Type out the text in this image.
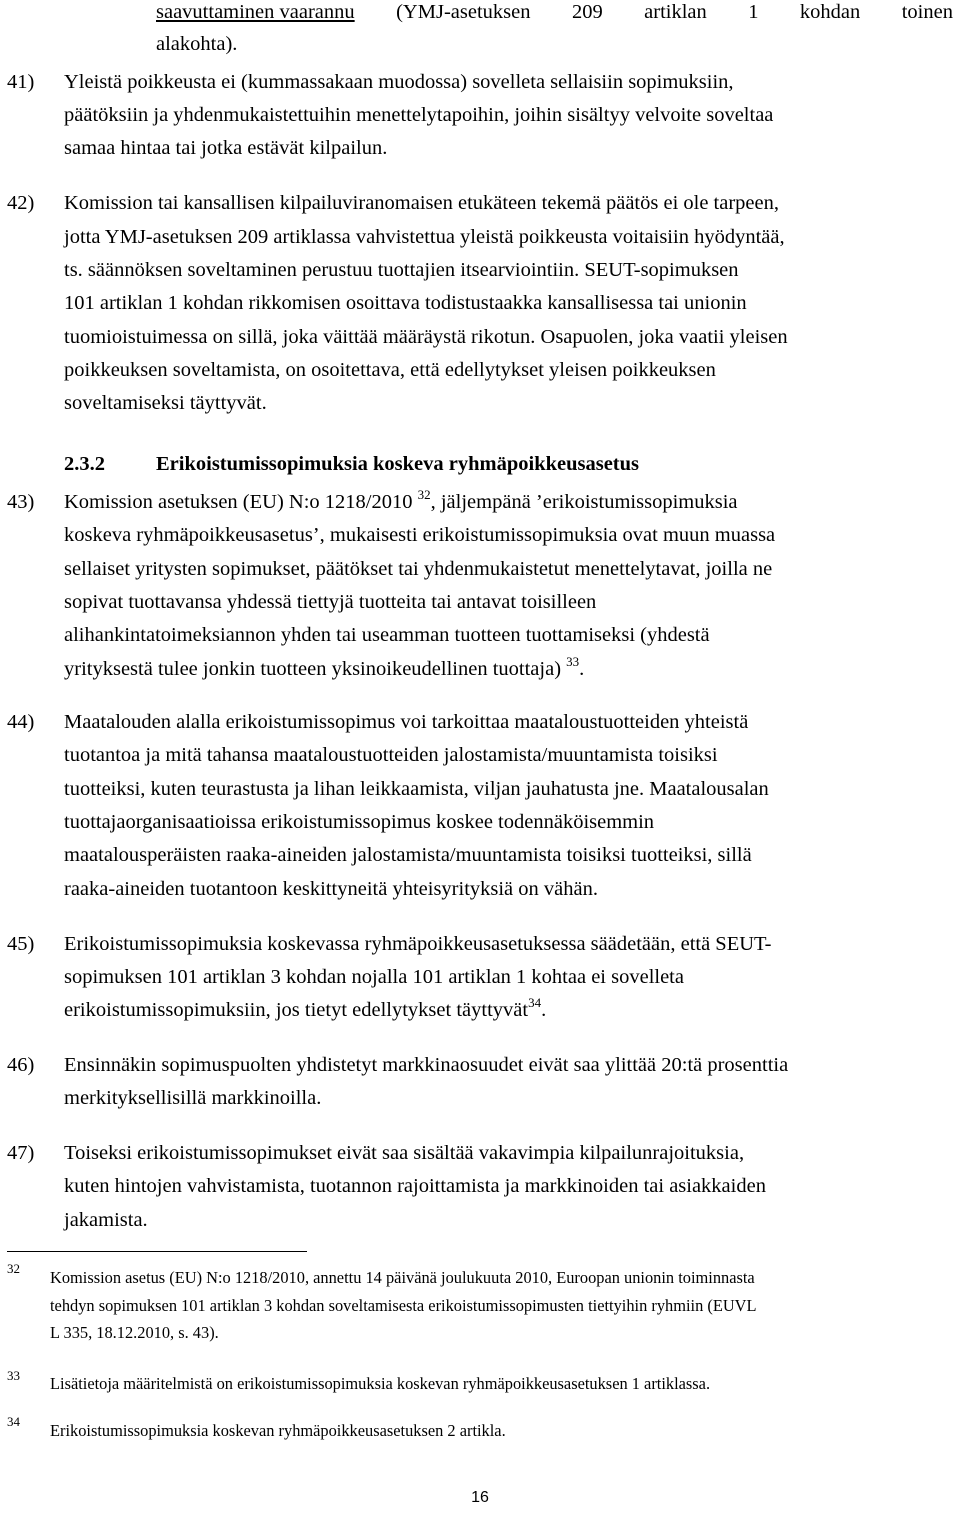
saavuttaminen vaarannu (YMJ-asetuksen 209 artiklan 1 kohdan toinen
alakohta).
41) Yleistä poikkeusta ei (kummassakaan muodossa) sovelleta sellaisiin sopimuksiin,
päätöksiin ja yhdenmukaistettuihin menettelytapoihin, joihin sisältyy velvoite soveltaa
samaa hintaa tai jotka estävät kilpailun.
42) Komission tai kansallisen kilpailuviranomaisen etukäteen tekemä päätös ei ole tarpeen,
jotta YMJ-asetuksen 209 artiklassa vahvistettua yleistä poikkeusta voitaisiin hyödyntää,
ts. säännöksen soveltaminen perustuu tuottajien itsearviointiin. SEUT-sopimuksen
101 artiklan 1 kohdan rikkomisen osoittava todistustaakka kansallisessa tai unionin
tuomioistuimessa on sillä, joka väittää määräystä rikotun. Osapuolen, joka vaatii yleisen
poikkeuksen soveltamista, on osoitettava, että edellytykset yleisen poikkeuksen
soveltamiseksi täyttyvät.
2.3.2 Erikoistumissopimuksia koskeva ryhmäpoikkeusasetus
43) Komission asetuksen (EU) N:o 1218/2010 $^{32}$, jäljempänä ’erikoistumissopimuksia
koskeva ryhmäpoikkeusasetus’, mukaisesti erikoistumissopimuksia ovat muun muassa
sellaiset yritysten sopimukset, päätökset tai yhdenmukaistetut menettelytavat, joilla ne
sopivat tuottavansa yhdessä tiettyjä tuotteita tai antavat toisilleen
alihankintatoimeksiannon yhden tai useamman tuotteen tuottamiseksi (yhdestä
yrityksestä tulee jonkin tuotteen yksinoikeudellinen tuottaja) $^{33}$.
44) Maatalouden alalla erikoistumissopimus voi tarkoittaa maataloustuotteiden yhteistä
tuotantoa ja mitä tahansa maataloustuotteiden jalostamista/muuntamista toisiksi
tuotteiksi, kuten teurastusta ja lihan leikkaamista, viljan jauhatusta jne. Maatalousalan
tuottajaorganisaatioissa erikoistumissopimus koskee todennäköisemmin
maatalousperäisten raaka-aineiden jalostamista/muuntamista toisiksi tuotteiksi, sillä
raaka-aineiden tuotantoon keskittyneitä yhteisyrityksiä on vähän.
45) Erikoistumissopimuksia koskevassa ryhmäpoikkeusasetuksessa säädetään, että SEUT-
sopimuksen 101 artiklan 3 kohdan nojalla 101 artiklan 1 kohtaa ei sovelleta
erikoistumissopimuksiin, jos tietyt edellytykset täyttyvät$^{34}$.
46) Ensinnäkin sopimuspuolten yhdistetyt markkinaosuudet eivät saa ylittää 20:tä prosenttia
merkityksellisillä markkinoilla.
47) Toiseksi erikoistumissopimukset eivät saa sisältää vakavimpia kilpailunrajoituksia,
kuten hintojen vahvistamista, tuotannon rajoittamista ja markkinoiden tai asiakkaiden
jakamista.
32 Komission asetus (EU) N:o 1218/2010, annettu 14 päivänä joulukuuta 2010, Euroopan unionin toiminnasta
tehdyn sopimuksen 101 artiklan 3 kohdan soveltamisesta erikoistumissopimusten tiettyihin ryhmiin (EUVL
L 335, 18.12.2010, s. 43).
33 Lisätietoja määritelmistä on erikoistumissopimuksia koskevan ryhmäpoikkeusasetuksen 1 artiklassa.
34 Erikoistumissopimuksia koskevan ryhmäpoikkeusasetuksen 2 artikla.
16
